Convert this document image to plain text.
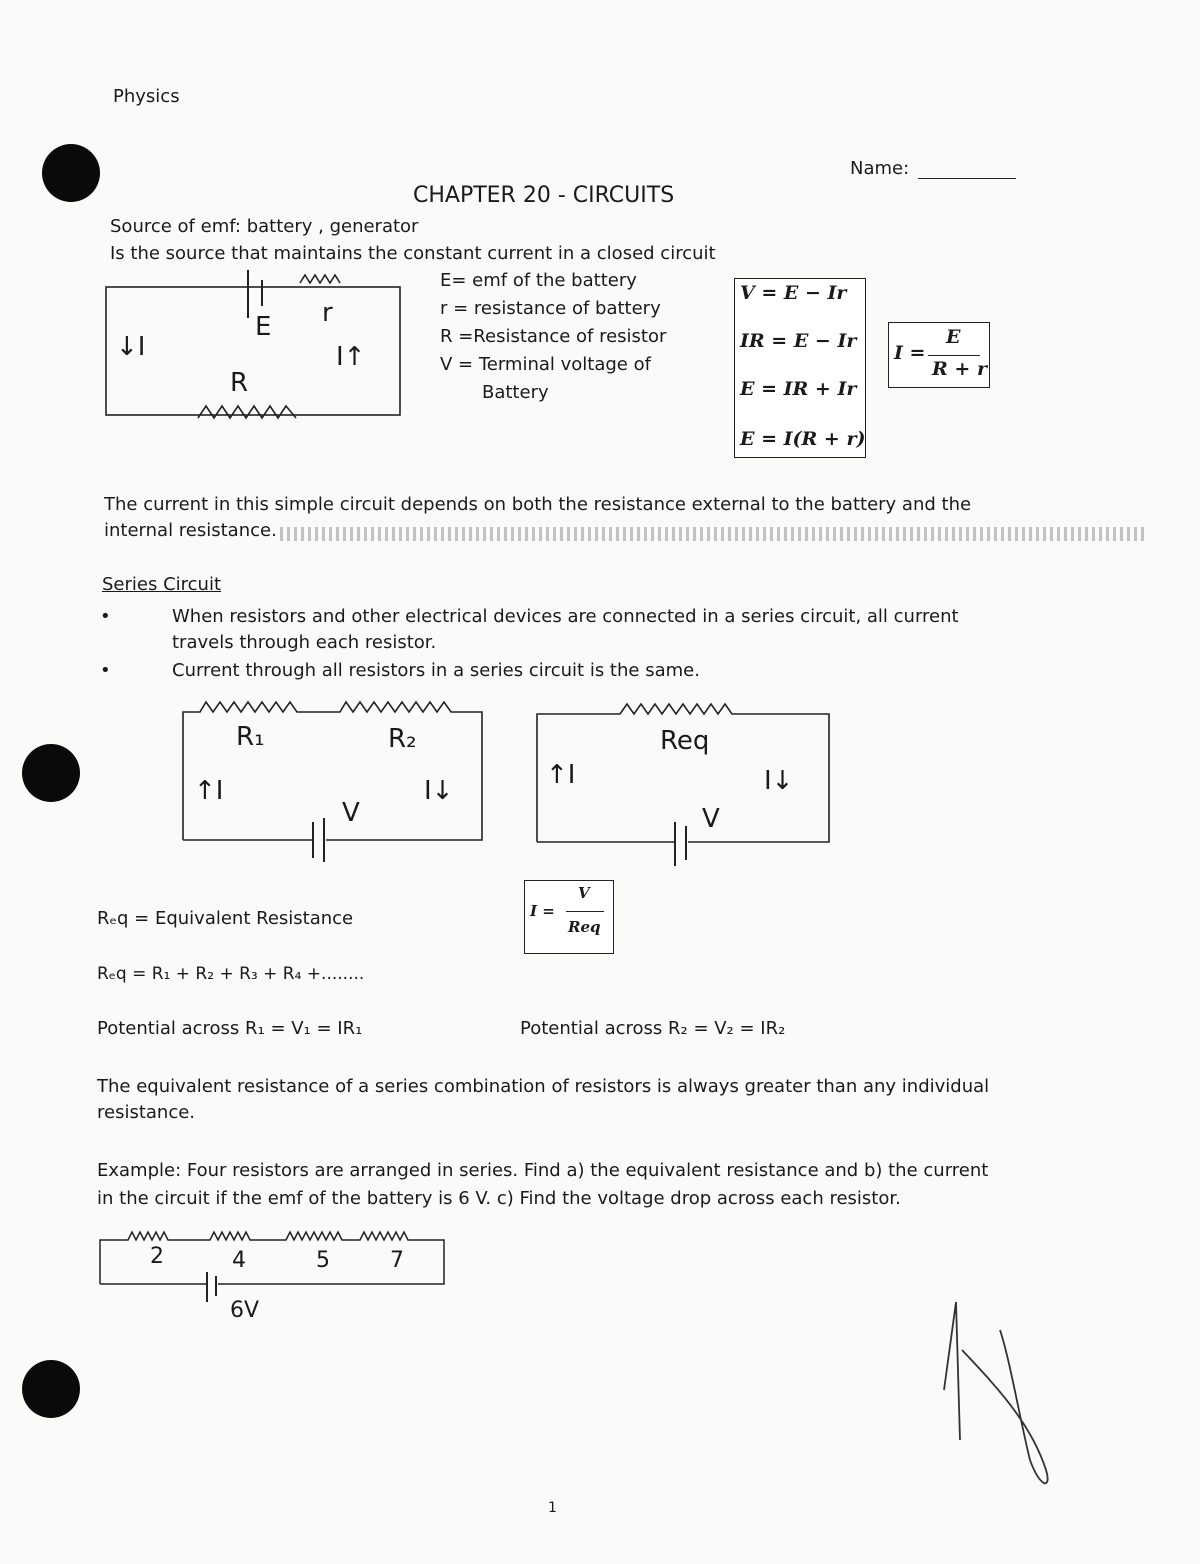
Physics
Name:
CHAPTER 20 - CIRCUITS
Source of emf: battery , generator
Is the source that maintains the constant current in a closed circuit
E r
R
↓I	I↑
E= emf of the battery
r = resistance of battery
R =Resistance of resistor
V = Terminal voltage of
Battery
V = E − Ir
IR = E − Ir
E = IR + Ir
E = I(R + r)
I =
E
R + r
The current in this simple circuit depends on both the resistance external to the battery and the
internal resistance.
Series Circuit
•	When resistors and other electrical devices are connected in a series circuit, all current
travels through each resistor.
•	Current through all resistors in a series circuit is the same.
R₁	R₂
↑I	I↓
V
Req
↑I	I↓
V
I =
V
Req
Rₑq = Equivalent Resistance
Rₑq = R₁ + R₂ + R₃ + R₄ +........
Potential across R₁ = V₁ = IR₁	Potential across R₂ = V₂ = IR₂
The equivalent resistance of a series combination of resistors is always greater than any individual
resistance.
Example: Four resistors are arranged in series. Find a) the equivalent resistance and b) the current
in the circuit if the emf of the battery is 6 V. c) Find the voltage drop across each resistor.
2	4	5	7
6V
1
